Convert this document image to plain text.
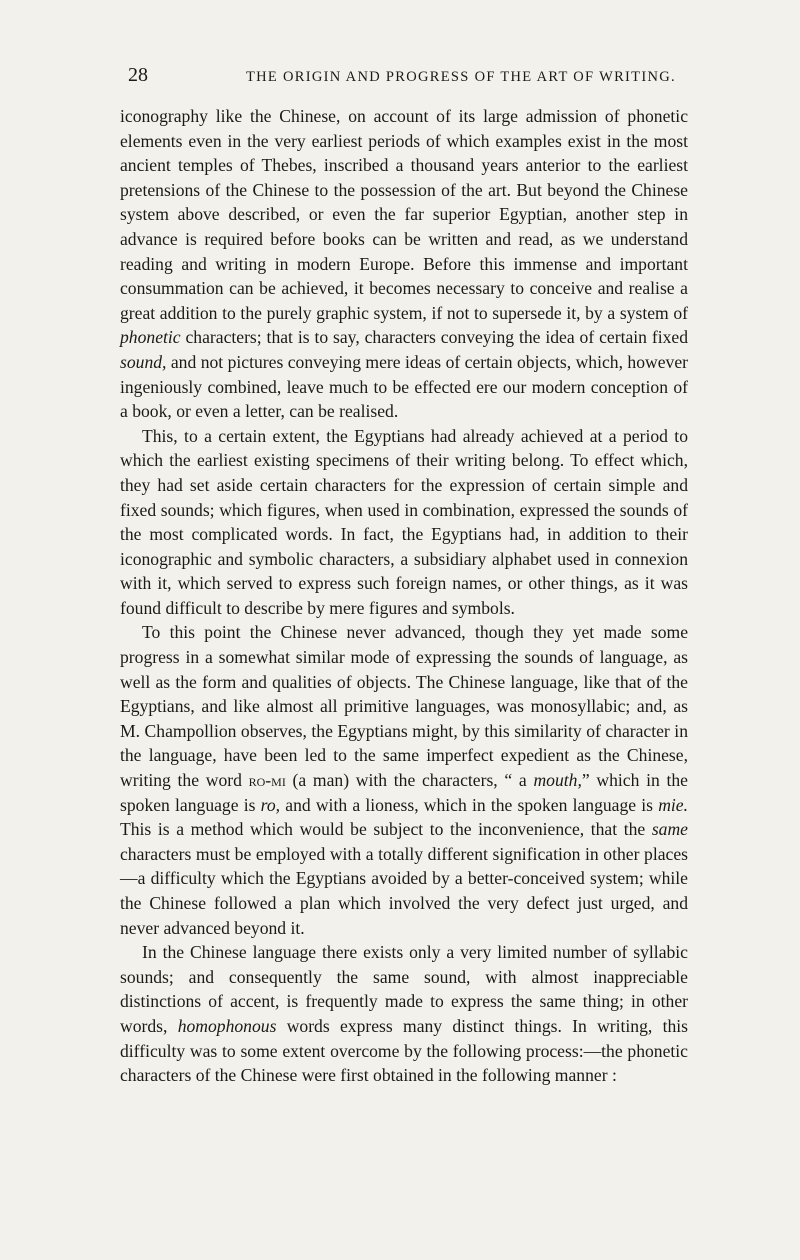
28	THE ORIGIN AND PROGRESS OF THE ART OF WRITING.

iconography like the Chinese, on account of its large admission of phonetic elements even in the very earliest periods of which examples exist in the most ancient temples of Thebes, inscribed a thousand years anterior to the earliest pretensions of the Chinese to the possession of the art. But beyond the Chinese system above described, or even the far superior Egyptian, another step in advance is required before books can be written and read, as we understand reading and writing in modern Europe. Before this immense and important consummation can be achieved, it becomes necessary to conceive and realise a great addition to the purely graphic system, if not to supersede it, by a system of phonetic characters; that is to say, characters conveying the idea of certain fixed sound, and not pictures conveying mere ideas of certain objects, which, however ingeniously combined, leave much to be effected ere our modern conception of a book, or even a letter, can be realised.

This, to a certain extent, the Egyptians had already achieved at a period to which the earliest existing specimens of their writing belong. To effect which, they had set aside certain characters for the expression of certain simple and fixed sounds; which figures, when used in combination, expressed the sounds of the most complicated words. In fact, the Egyptians had, in addition to their iconographic and symbolic characters, a subsidiary alphabet used in connexion with it, which served to express such foreign names, or other things, as it was found difficult to describe by mere figures and symbols.

To this point the Chinese never advanced, though they yet made some progress in a somewhat similar mode of expressing the sounds of language, as well as the form and qualities of objects. The Chinese language, like that of the Egyptians, and like almost all primitive languages, was monosyllabic; and, as M. Champollion observes, the Egyptians might, by this similarity of character in the language, have been led to the same imperfect expedient as the Chinese, writing the word ro-mi (a man) with the characters, “ a mouth,” which in the spoken language is ro, and with a lioness, which in the spoken language is mie. This is a method which would be subject to the inconvenience, that the same characters must be employed with a totally different signification in other places—a difficulty which the Egyptians avoided by a better-conceived system; while the Chinese followed a plan which involved the very defect just urged, and never advanced beyond it.

In the Chinese language there exists only a very limited number of syllabic sounds; and consequently the same sound, with almost inappreciable distinctions of accent, is frequently made to express the same thing; in other words, homophonous words express many distinct things. In writing, this difficulty was to some extent overcome by the following process:—the phonetic characters of the Chinese were first obtained in the following manner :
